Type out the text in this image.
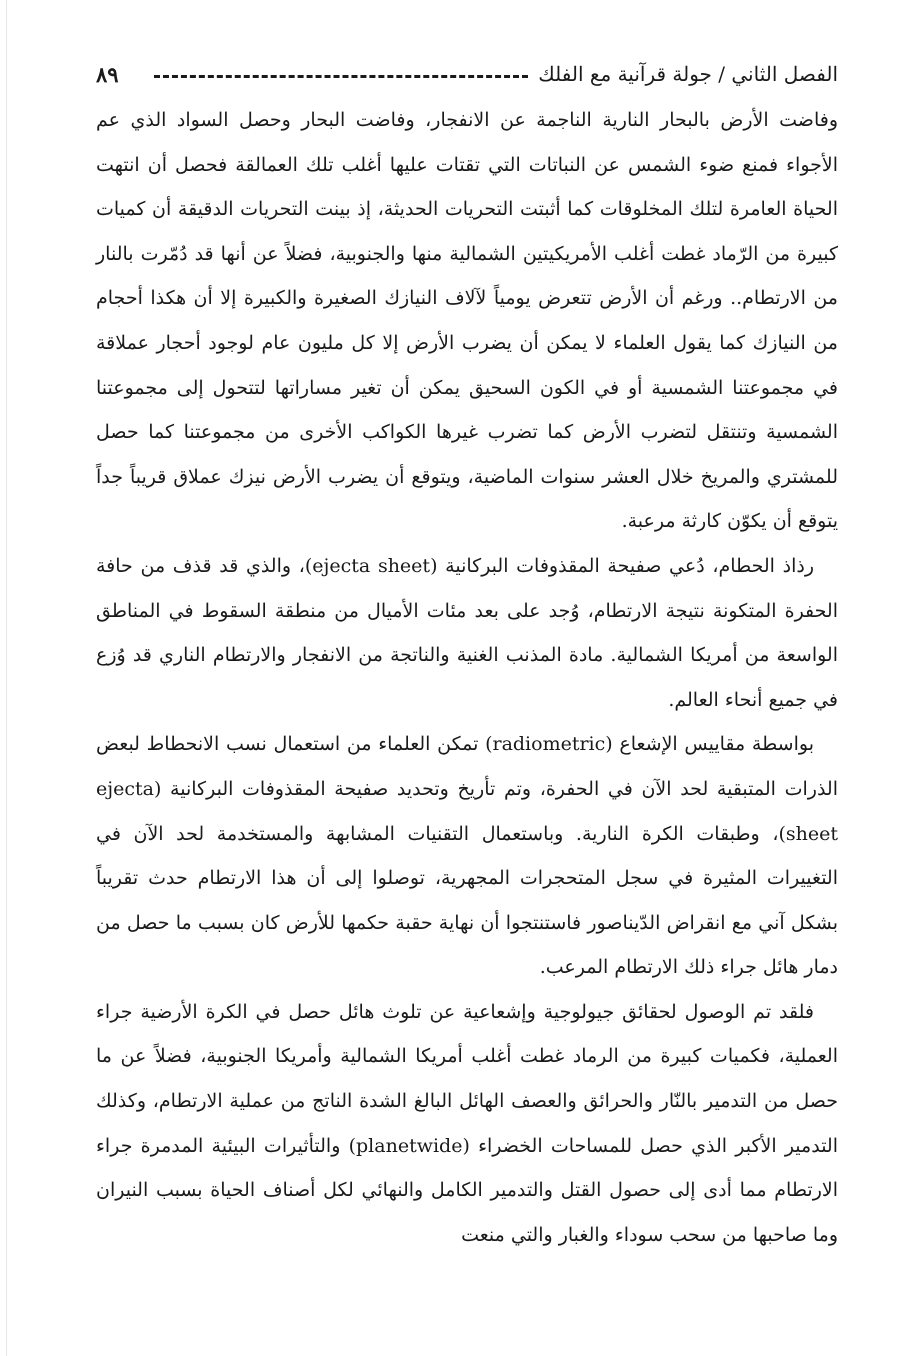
٨٩	الفصل الثاني / جولة قرآنية مع الفلك

وفاضت الأرض بالبحار النارية الناجمة عن الانفجار، وفاضت البحار وحصل السواد الذي عم الأجواء فمنع ضوء الشمس عن النباتات التي تقتات عليها أغلب تلك العمالقة فحصل أن انتهت الحياة العامرة لتلك المخلوقات كما أثبتت التحريات الحديثة، إذ بينت التحريات الدقيقة أن كميات كبيرة من الرّماد غطت أغلب الأمريكيتين الشمالية منها والجنوبية، فضلاً عن أنها قد دُمّرت بالنار من الارتطام.. ورغم أن الأرض تتعرض يومياً لآلاف النيازك الصغيرة والكبيرة إلا أن هكذا أحجام من النيازك كما يقول العلماء لا يمكن أن يضرب الأرض إلا كل مليون عام لوجود أحجار عملاقة في مجموعتنا الشمسية أو في الكون السحيق يمكن أن تغير مساراتها لتتحول إلى مجموعتنا الشمسية وتنتقل لتضرب الأرض كما تضرب غيرها الكواكب الأخرى من مجموعتنا كما حصل للمشتري والمريخ خلال العشر سنوات الماضية، ويتوقع أن يضرب الأرض نيزك عملاق قريباً جداً يتوقع أن يكوّن كارثة مرعبة.

رذاذ الحطام، دُعي صفيحة المقذوفات البركانية (ejecta sheet)، والذي قد قذف من حافة الحفرة المتكونة نتيجة الارتطام، وُجد على بعد مئات الأميال من منطقة السقوط في المناطق الواسعة من أمريكا الشمالية. مادة المذنب الغنية والناتجة من الانفجار والارتطام الناري قد وُزع في جميع أنحاء العالم.

بواسطة مقاييس الإشعاع (radiometric) تمكن العلماء من استعمال نسب الانحطاط لبعض الذرات المتبقية لحد الآن في الحفرة، وتم تأريخ وتحديد صفيحة المقذوفات البركانية (ejecta sheet)، وطبقات الكرة النارية. وباستعمال التقنيات المشابهة والمستخدمة لحد الآن في التغييرات المثيرة في سجل المتحجرات المجهرية، توصلوا إلى أن هذا الارتطام حدث تقريباً بشكل آني مع انقراض الدّيناصور فاستنتجوا أن نهاية حقبة حكمها للأرض كان بسبب ما حصل من دمار هائل جراء ذلك الارتطام المرعب.

فلقد تم الوصول لحقائق جيولوجية وإشعاعية عن تلوث هائل حصل في الكرة الأرضية جراء العملية، فكميات كبيرة من الرماد غطت أغلب أمريكا الشمالية وأمريكا الجنوبية، فضلاً عن ما حصل من التدمير بالنّار والحرائق والعصف الهائل البالغ الشدة الناتج من عملية الارتطام، وكذلك التدمير الأكبر الذي حصل للمساحات الخضراء (planetwide) والتأثيرات البيئية المدمرة جراء الارتطام مما أدى إلى حصول القتل والتدمير الكامل والنهائي لكل أصناف الحياة بسبب النيران وما صاحبها من سحب سوداء والغبار والتي منعت
